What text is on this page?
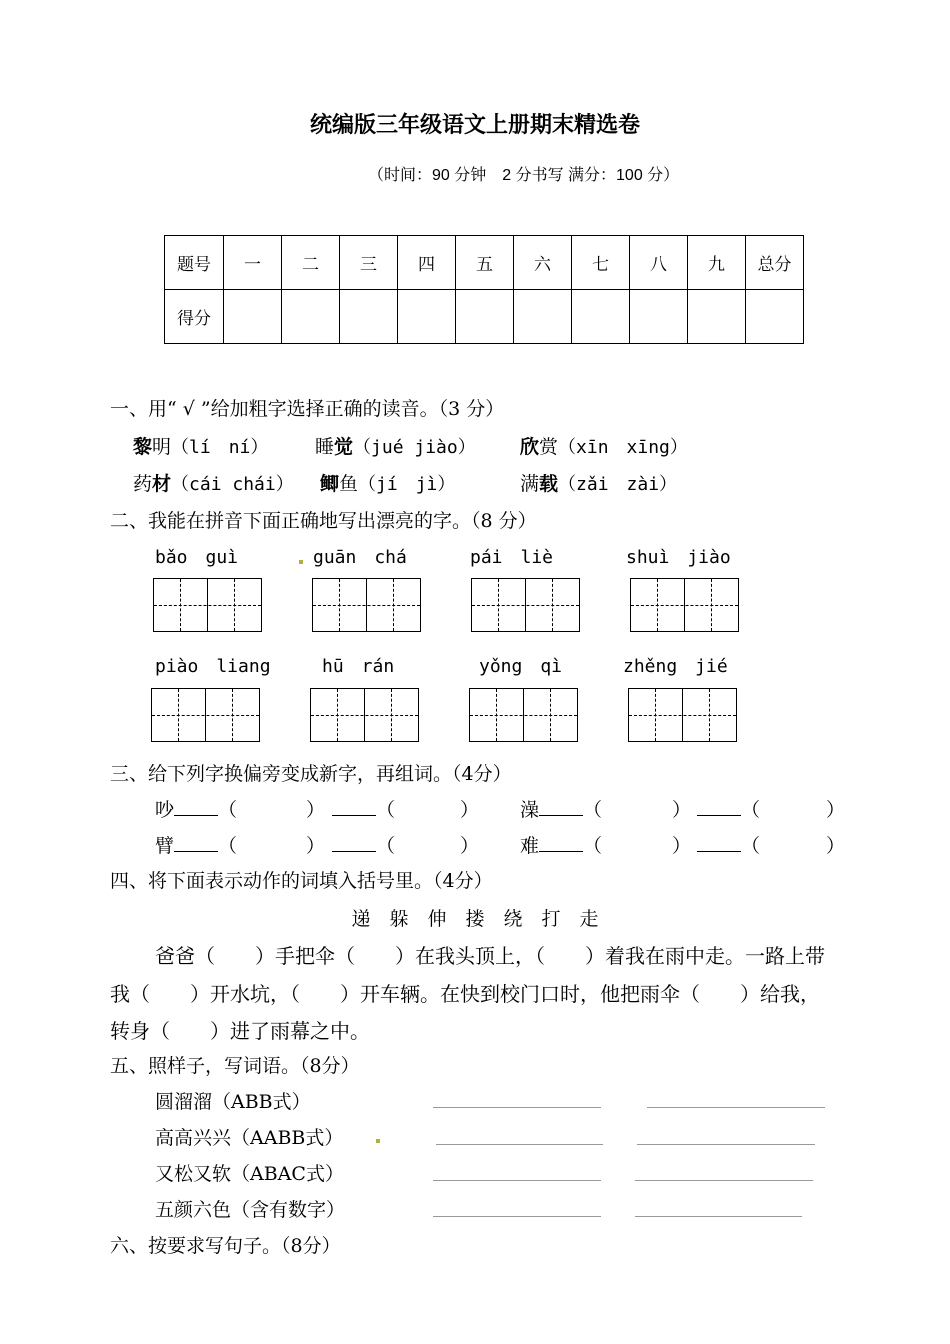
统编版三年级语文上册期末精选卷
（时间：90 分钟　2 分书写 满分：100 分）
题号	一	二	三	四	五	六	七	八	九	总分
得分										
一、用“ √ ”给加粗字选择正确的读音。（3 分）
黎明（lí　ní） 睡觉（jué jiào） 欣赏（xīn　xīng）
药材（cái chái） 鲫鱼（jí　jì）	满载（zǎi　zài）
二、我能在拼音下面正确地写出漂亮的字。（8 分）
bǎo　guì	guān　chá	pái　liè	shuì　jiào
piào　liang	hū　rán	yǒng　qì	zhěng　jié
三、给下列字换偏旁变成新字，再组词。（4分）
吵 （	）	（	） 澡 （	）	（	）
臂 （	）	（	） 难 （	）	（	）
四、将下面表示动作的词填入括号里。（4分）
递　躲　伸　搂　绕　打　走
爸爸（　　）手把伞（　　）在我头顶上，（　　）着我在雨中走。一路上带
我（　　）开水坑，（　　）开车辆。在快到校门口时，他把雨伞（　　）给我，
转身（　　）进了雨幕之中。
五、照样子，写词语。（8分）
圆溜溜（ABB式）
高高兴兴（AABB式）
又松又软（ABAC式）
五颜六色（含有数字）
六、按要求写句子。（8分）
